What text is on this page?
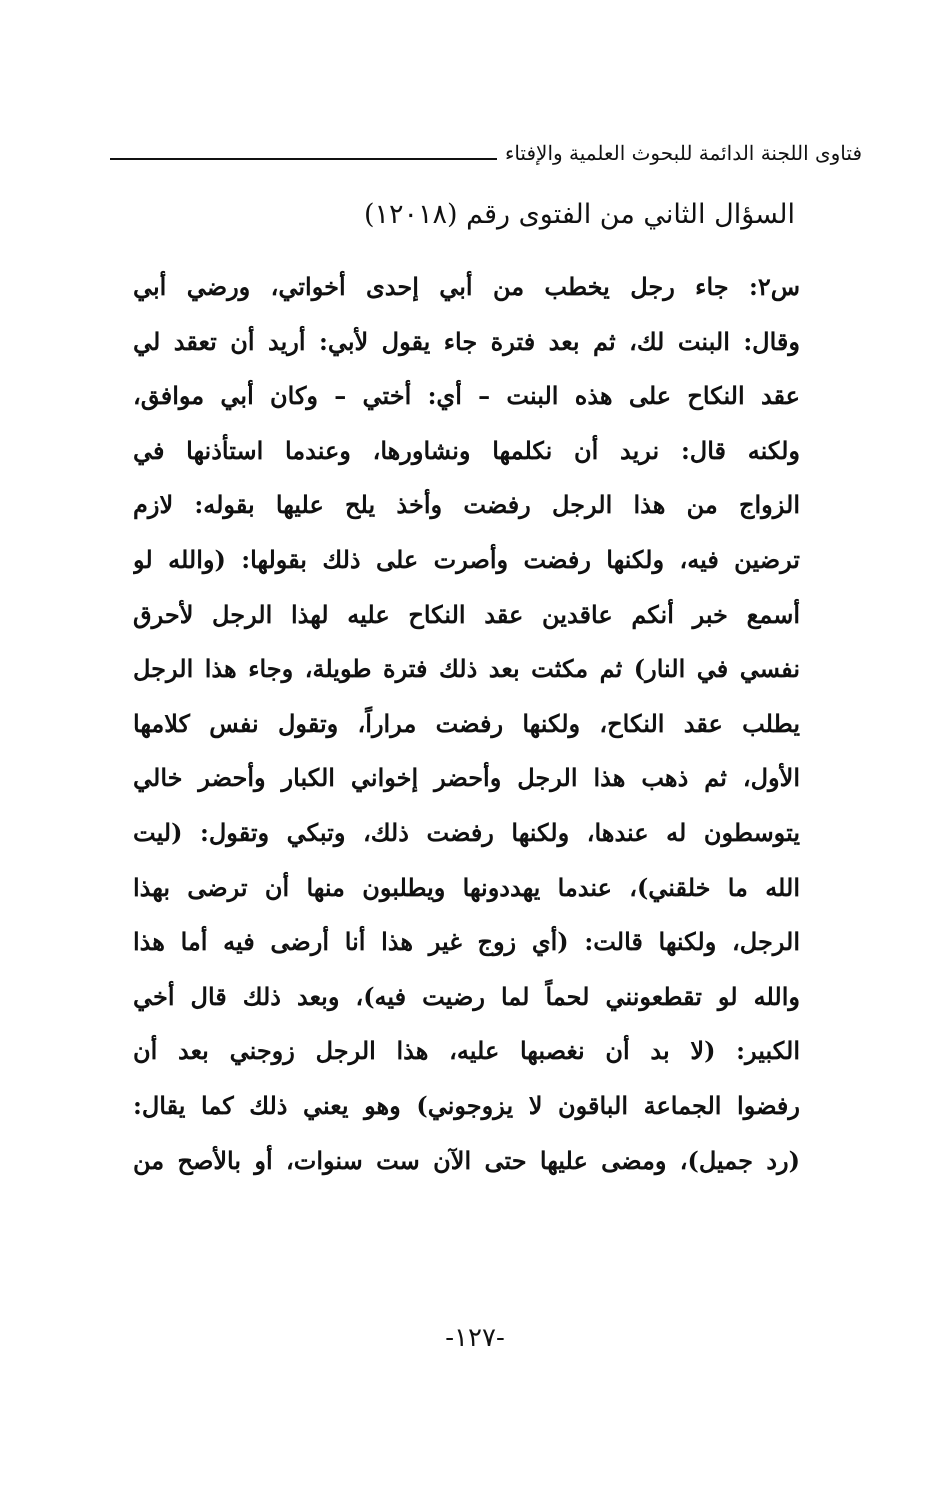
فتاوى اللجنة الدائمة للبحوث العلمية والإفتاء
السؤال الثاني من الفتوى رقم (١٢٠١٨)
س٢: جاء رجل يخطب من أبي إحدى أخواتي، ورضي أبي
وقال: البنت لك، ثم بعد فترة جاء يقول لأبي: أريد أن تعقد لي
عقد النكاح على هذه البنت – أي: أختي – وكان أبي موافق،
ولكنه قال: نريد أن نكلمها ونشاورها، وعندما استأذنها في
الزواج من هذا الرجل رفضت وأخذ يلح عليها بقوله: لازم
ترضين فيه، ولكنها رفضت وأصرت على ذلك بقولها: (والله لو
أسمع خبر أنكم عاقدين عقد النكاح عليه لهذا الرجل لأحرق
نفسي في النار) ثم مكثت بعد ذلك فترة طويلة، وجاء هذا الرجل
يطلب عقد النكاح، ولكنها رفضت مراراً، وتقول نفس كلامها
الأول، ثم ذهب هذا الرجل وأحضر إخواني الكبار وأحضر خالي
يتوسطون له عندها، ولكنها رفضت ذلك، وتبكي وتقول: (ليت
الله ما خلقني)، عندما يهددونها ويطلبون منها أن ترضى بهذا
الرجل، ولكنها قالت: (أي زوج غير هذا أنا أرضى فيه أما هذا
والله لو تقطعونني لحماً لما رضيت فيه)، وبعد ذلك قال أخي
الكبير: (لا بد أن نغصبها عليه، هذا الرجل زوجني بعد أن
رفضوا الجماعة الباقون لا يزوجوني) وهو يعني ذلك كما يقال:
(رد جميل)، ومضى عليها حتى الآن ست سنوات، أو بالأصح من
-١٢٧-
